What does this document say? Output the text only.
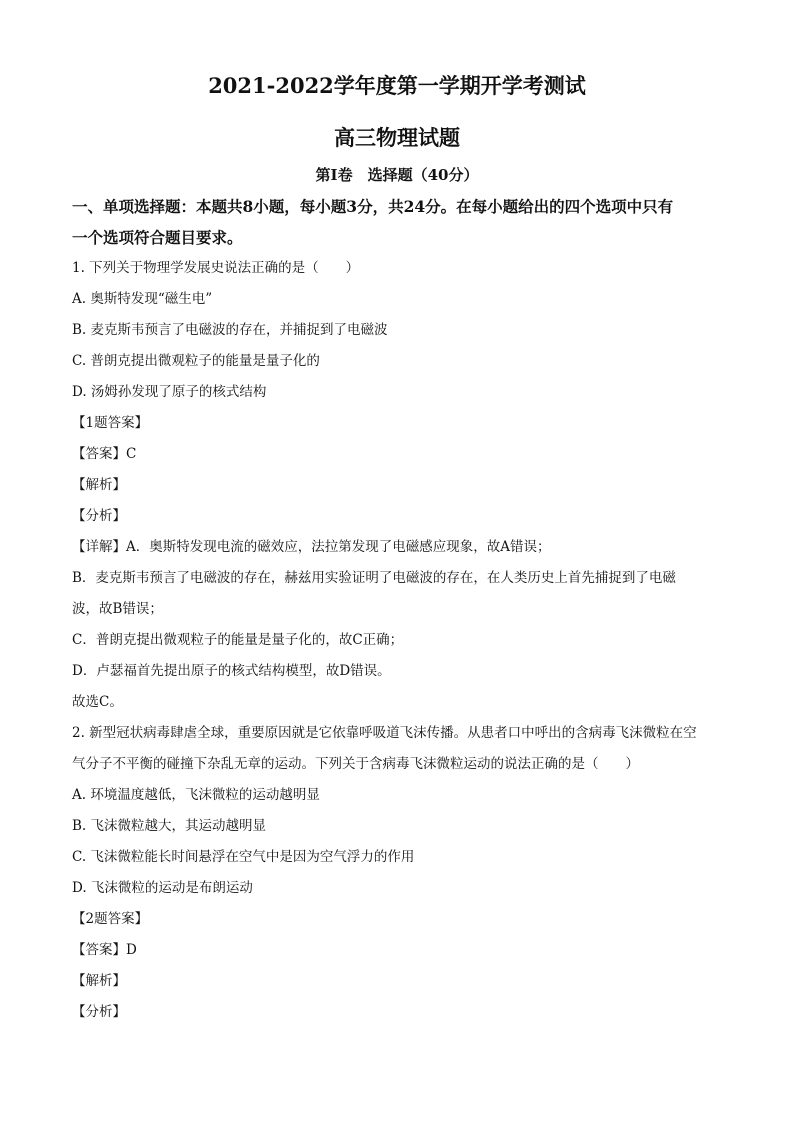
2021-2022学年度第一学期开学考测试
高三物理试题
第Ⅰ卷　选择题（40分）
一、单项选择题：本题共8小题，每小题3分，共24分。在每小题给出的四个选项中只有
一个选项符合题目要求。
1. 下列关于物理学发展史说法正确的是（　　）
A. 奥斯特发现“磁生电”
B. 麦克斯韦预言了电磁波的存在，并捕捉到了电磁波
C. 普朗克提出微观粒子的能量是量子化的
D. 汤姆孙发现了原子的核式结构
【1题答案】
【答案】C
【解析】
【分析】
【详解】A．奥斯特发现电流的磁效应，法拉第发现了电磁感应现象，故A错误；
B．麦克斯韦预言了电磁波的存在，赫兹用实验证明了电磁波的存在，在人类历史上首先捕捉到了电磁
波，故B错误；
C．普朗克提出微观粒子的能量是量子化的，故C正确；
D．卢瑟福首先提出原子的核式结构模型，故D错误。
故选C。
2. 新型冠状病毒肆虐全球，重要原因就是它依靠呼吸道飞沫传播。从患者口中呼出的含病毒飞沫微粒在空
气分子不平衡的碰撞下杂乱无章的运动。下列关于含病毒飞沫微粒运动的说法正确的是（　　）
A. 环境温度越低，飞沫微粒的运动越明显
B. 飞沫微粒越大，其运动越明显
C. 飞沫微粒能长时间悬浮在空气中是因为空气浮力的作用
D. 飞沫微粒的运动是布朗运动
【2题答案】
【答案】D
【解析】
【分析】
